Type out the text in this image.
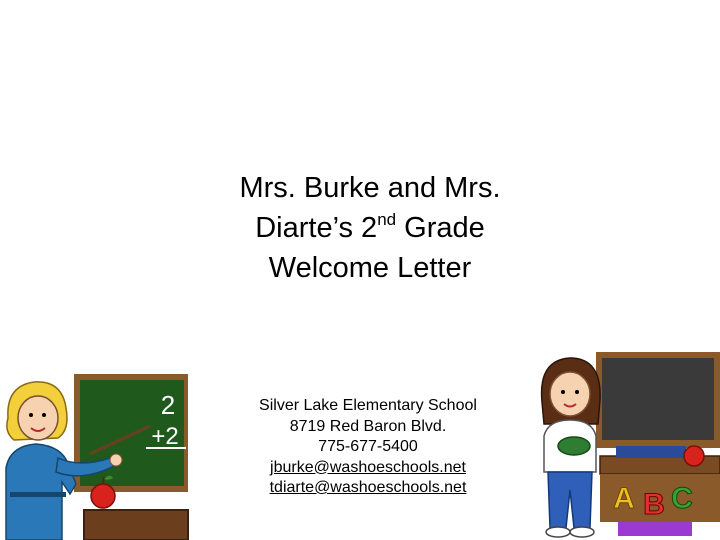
Mrs. Burke and Mrs.
Diarte’s 2nd Grade
Welcome Letter
Silver Lake Elementary School
8719 Red Baron Blvd.
775-677-5400
jburke@washoeschools.net
tdiarte@washoeschools.net
2
+2
A B C
